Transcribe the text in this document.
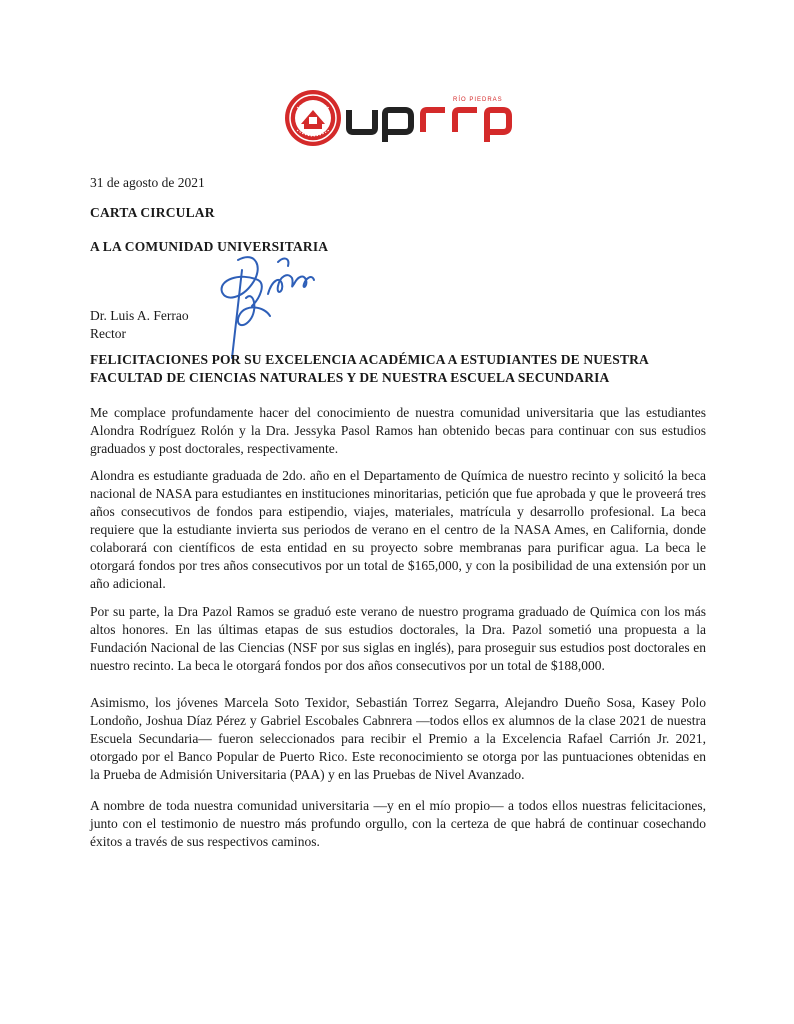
RÍO PIEDRAS
31 de agosto de 2021
CARTA CIRCULAR
A LA COMUNIDAD UNIVERSITARIA
Dr. Luis A. Ferrao
Rector
FELICITACIONES POR SU EXCELENCIA ACADÉMICA A ESTUDIANTES DE NUESTRA FACULTAD DE CIENCIAS NATURALES Y DE NUESTRA ESCUELA SECUNDARIA

Me complace profundamente hacer del conocimiento de nuestra comunidad universitaria que las estudiantes Alondra Rodríguez Rolón y la Dra. Jessyka Pasol Ramos han obtenido becas para continuar con sus estudios graduados y post doctorales, respectivamente.

Alondra es estudiante graduada de 2do. año en el Departamento de Química de nuestro recinto y solicitó la beca nacional de NASA para estudiantes en instituciones minoritarias, petición que fue aprobada y que le proveerá tres años consecutivos de fondos para estipendio, viajes, materiales, matrícula y desarrollo profesional. La beca requiere que la estudiante invierta sus periodos de verano en el centro de la NASA Ames, en California, donde colaborará con científicos de esta entidad en su proyecto sobre membranas para purificar agua. La beca le otorgará fondos por tres años consecutivos por un total de $165,000, y con la posibilidad de una extensión por un año adicional.

Por su parte, la Dra Pazol Ramos se graduó este verano de nuestro programa graduado de Química con los más altos honores. En las últimas etapas de sus estudios doctorales, la Dra. Pazol sometió una propuesta a la Fundación Nacional de las Ciencias (NSF por sus siglas en inglés), para proseguir sus estudios post doctorales en nuestro recinto. La beca le otorgará fondos por dos años consecutivos por un total de $188,000.

Asimismo, los jóvenes Marcela Soto Texidor, Sebastián Torrez Segarra, Alejandro Dueño Sosa, Kasey Polo Londoño, Joshua Díaz Pérez y Gabriel Escobales Cabnrera —todos ellos ex alumnos de la clase 2021 de nuestra Escuela Secundaria— fueron seleccionados para recibir el Premio a la Excelencia Rafael Carrión Jr. 2021, otorgado por el Banco Popular de Puerto Rico. Este reconocimiento se otorga por las puntuaciones obtenidas en la Prueba de Admisión Universitaria (PAA) y en las Pruebas de Nivel Avanzado.

A nombre de toda nuestra comunidad universitaria —y en el mío propio— a todos ellos nuestras felicitaciones, junto con el testimonio de nuestro más profundo orgullo, con la certeza de que habrá de continuar cosechando éxitos a través de sus respectivos caminos.
